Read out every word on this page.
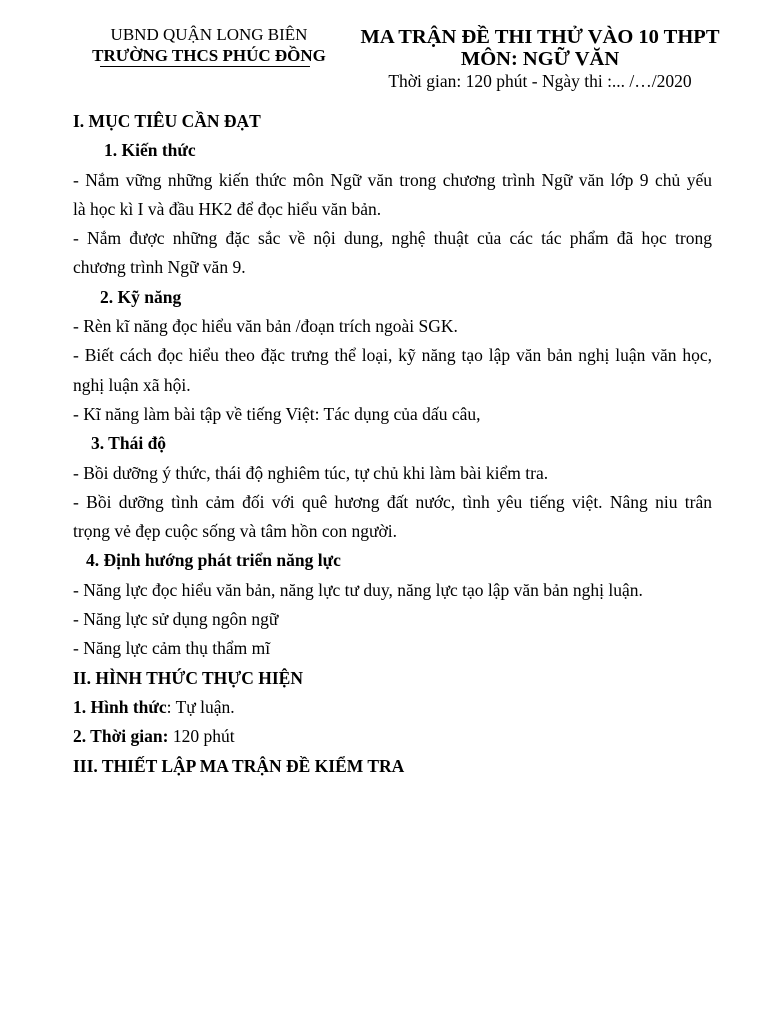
UBND QUẬN LONG BIÊN
TRƯỜNG THCS PHÚC ĐỒNG
MA TRẬN ĐỀ THI THỬ VÀO 10 THPT
MÔN: NGỮ VĂN
Thời gian: 120 phút - Ngày thi :... /…/2020

I. MỤC TIÊU CẦN ĐẠT

1. Kiến thức

- Nắm vững những kiến thức môn Ngữ văn trong chương trình Ngữ văn lớp 9 chủ yếu

là học kì I và đầu HK2 để đọc hiểu văn bản.

- Nắm được những đặc sắc về nội dung, nghệ thuật của các tác phẩm đã học trong

chương trình Ngữ văn 9.

2. Kỹ năng

- Rèn kĩ năng đọc hiểu văn bản /đoạn trích ngoài SGK.

- Biết cách đọc hiểu theo đặc trưng thể loại, kỹ năng tạo lập văn bản nghị luận văn học,

nghị luận xã hội.

- Kĩ năng làm bài tập về tiếng Việt: Tác dụng của dấu câu,

3. Thái độ

- Bồi dưỡng ý thức, thái độ nghiêm túc, tự chủ khi làm bài kiểm tra.

- Bồi dưỡng tình cảm đối với quê hương đất nước, tình yêu tiếng việt. Nâng niu trân

trọng vẻ đẹp cuộc sống và tâm hồn con người.

4. Định hướng phát triển năng lực

- Năng lực đọc hiểu văn bản, năng lực tư duy, năng lực tạo lập văn bản nghị luận.

- Năng lực sử dụng ngôn ngữ

- Năng lực cảm thụ thẩm mĩ

II. HÌNH THỨC THỰC HIỆN

1. Hình thức: Tự luận.

2. Thời gian: 120 phút

III. THIẾT LẬP MA TRẬN ĐỀ KIỂM TRA
